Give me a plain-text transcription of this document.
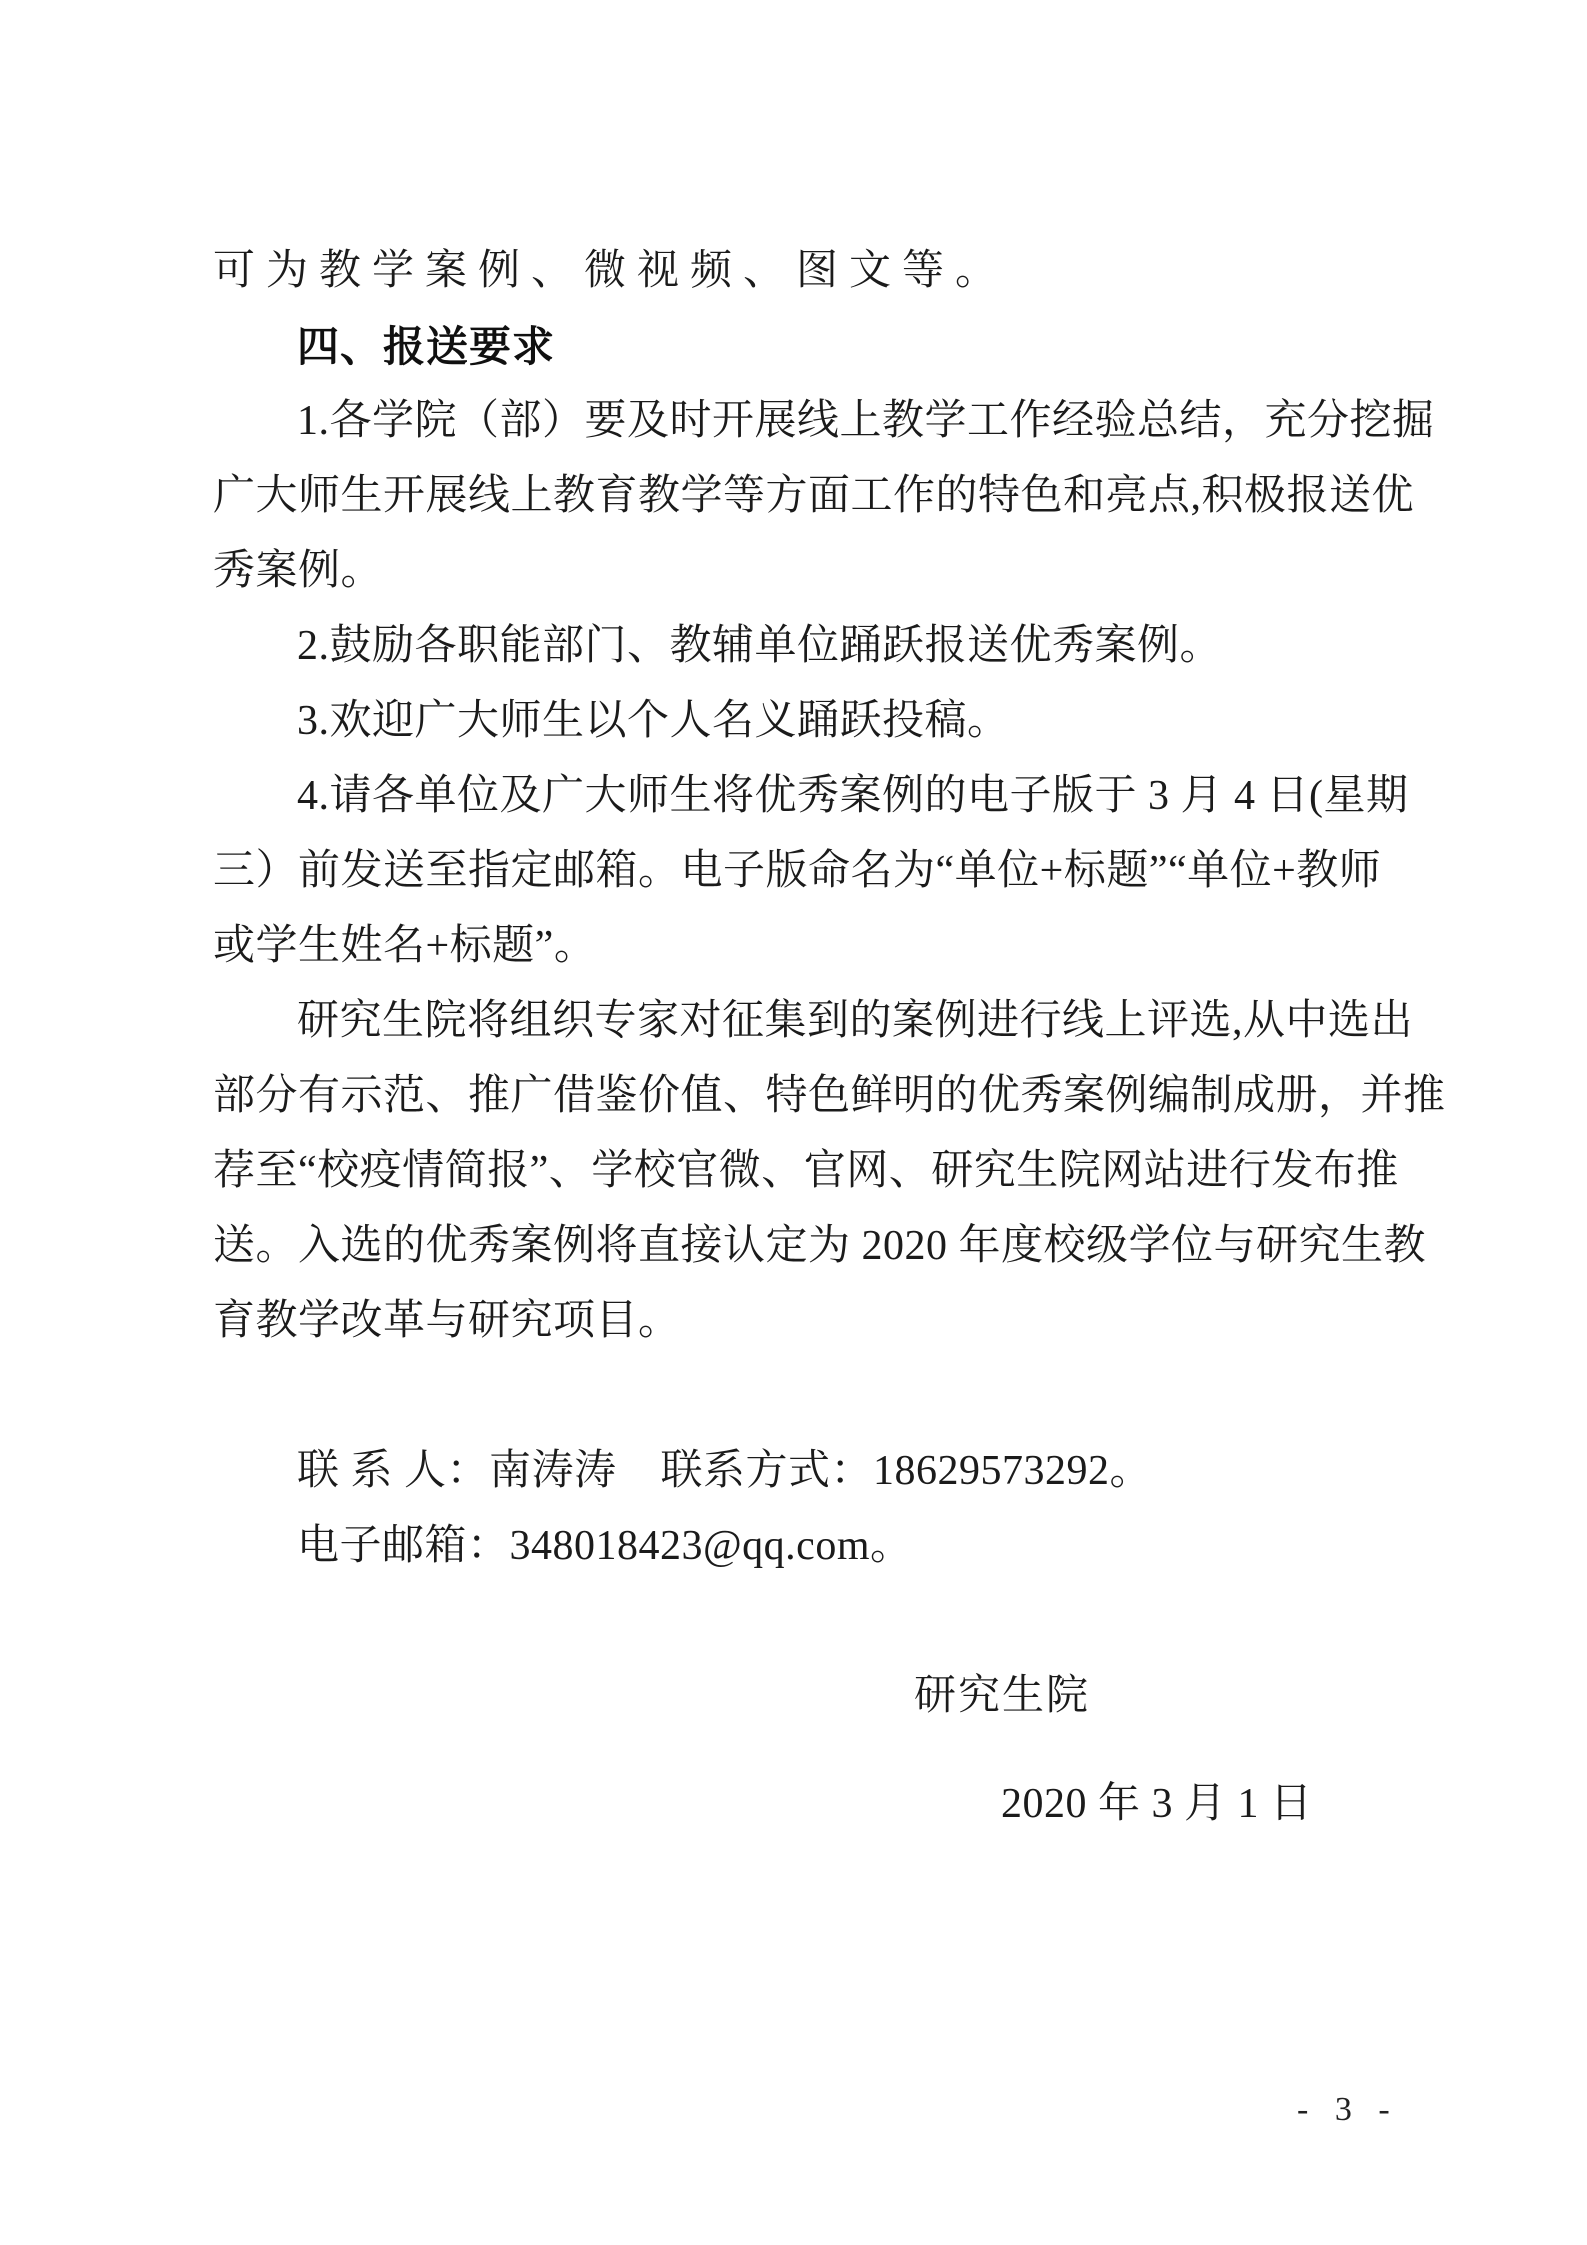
可为教学案例、微视频、图文等。
四、报送要求
1.各学院（部）要及时开展线上教学工作经验总结，充分挖掘
广大师生开展线上教育教学等方面工作的特色和亮点,积极报送优
秀案例。
2.鼓励各职能部门、教辅单位踊跃报送优秀案例。
3.欢迎广大师生以个人名义踊跃投稿。
4.请各单位及广大师生将优秀案例的电子版于 3 月 4 日(星期
三）前发送至指定邮箱。电子版命名为“单位+标题”“单位+教师
或学生姓名+标题”。
研究生院将组织专家对征集到的案例进行线上评选,从中选出
部分有示范、推广借鉴价值、特色鲜明的优秀案例编制成册，并推
荐至“校疫情简报”、学校官微、官网、研究生院网站进行发布推
送。入选的优秀案例将直接认定为 2020 年度校级学位与研究生教
育教学改革与研究项目。
联 系 人：南涛涛    联系方式：18629573292。
电子邮箱：348018423@qq.com。
研究生院
2020 年 3 月 1 日
- 3 -
